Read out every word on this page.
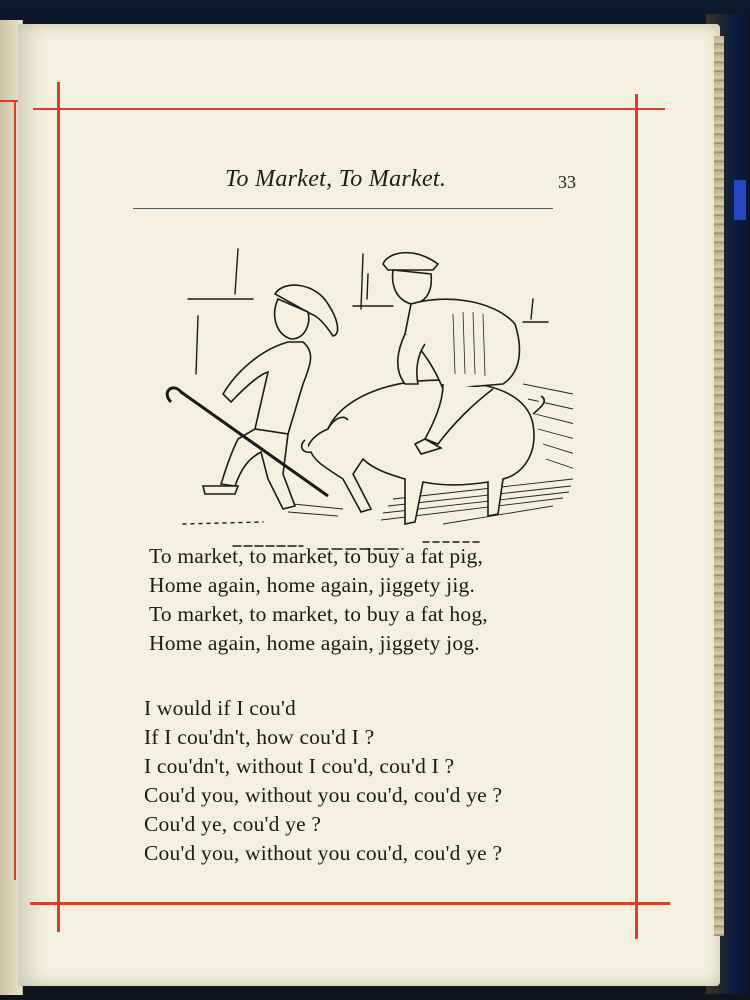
To Market, To Market.	33

To market, to market, to buy a fat pig,

Home again, home again, jiggety jig.

To market, to market, to buy a fat hog,

Home again, home again, jiggety jog.

I would if I cou'd

If I cou'dn't, how cou'd I ?

I cou'dn't, without I cou'd, cou'd I ?

Cou'd you, without you cou'd, cou'd ye ?

Cou'd ye, cou'd ye ?

Cou'd you, without you cou'd, cou'd ye ?
